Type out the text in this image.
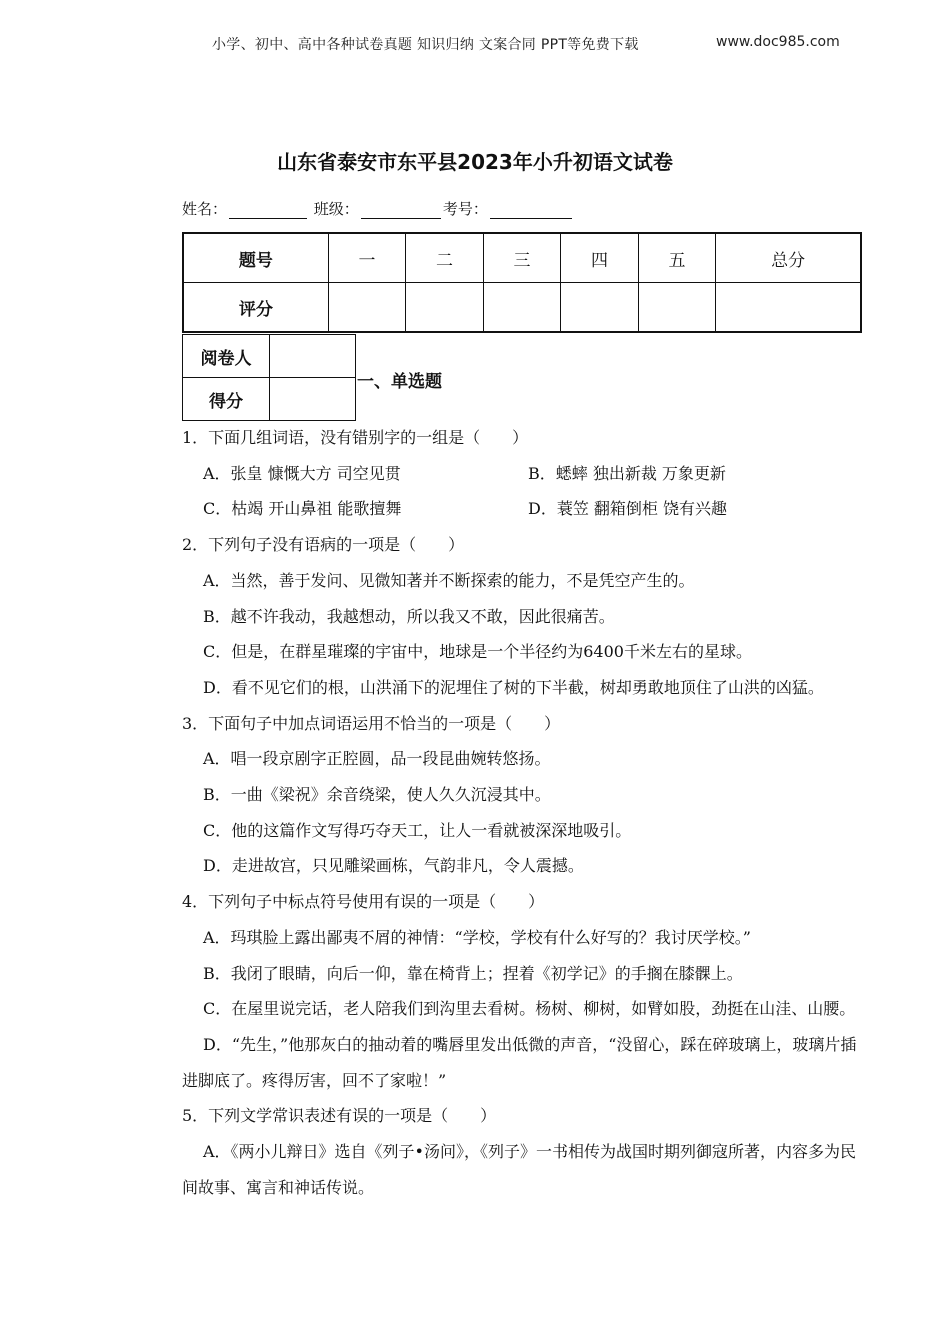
小学、初中、高中各种试卷真题 知识归纳 文案合同 PPT等免费下载	www.doc985.com
山东省泰安市东平县2023年小升初语文试卷
姓名：	班级：	考号：
题号	一	二	三	四	五	总分
评分						
阅卷人	
得分	
一、单选题

1．下面几组词语，没有错别字的一组是（　　）

A．张皇 慷慨大方 司空见贯	B．蟋蟀 独出新裁 万象更新
C．枯竭 开山鼻祖 能歌擅舞	D．蓑笠 翻箱倒柜 饶有兴趣

2．下列句子没有语病的一项是（　　）

A．当然，善于发问、见微知著并不断探索的能力，不是凭空产生的。

B．越不许我动，我越想动，所以我又不敢，因此很痛苦。

C．但是，在群星璀璨的宇宙中，地球是一个半径约为6400千米左右的星球。

D．看不见它们的根，山洪涌下的泥埋住了树的下半截，树却勇敢地顶住了山洪的凶猛。

3．下面句子中加点词语运用不恰当的一项是（　　）

A．唱一段京剧字正腔圆，品一段昆曲婉转悠扬。

B．一曲《梁祝》余音绕梁，使人久久沉浸其中。

C．他的这篇作文写得巧夺天工，让人一看就被深深地吸引。

D．走进故宫，只见雕梁画栋，气韵非凡，令人震撼。

4．下列句子中标点符号使用有误的一项是（　　）

A．玛琪脸上露出鄙夷不屑的神情：“学校，学校有什么好写的？我讨厌学校。”

B．我闭了眼睛，向后一仰，靠在椅背上；捏着《初学记》的手搁在膝髁上。

C．在屋里说完话，老人陪我们到沟里去看树。杨树、柳树，如臂如股，劲挺在山洼、山腰。

D．“先生，”他那灰白的抽动着的嘴唇里发出低微的声音，“没留心，踩在碎玻璃上，玻璃片插进脚底了。疼得厉害，回不了家啦！”

5．下列文学常识表述有误的一项是（　　）

A．《两小儿辩日》选自《列子•汤问》，《列子》一书相传为战国时期列御寇所著，内容多为民间故事、寓言和神话传说。
